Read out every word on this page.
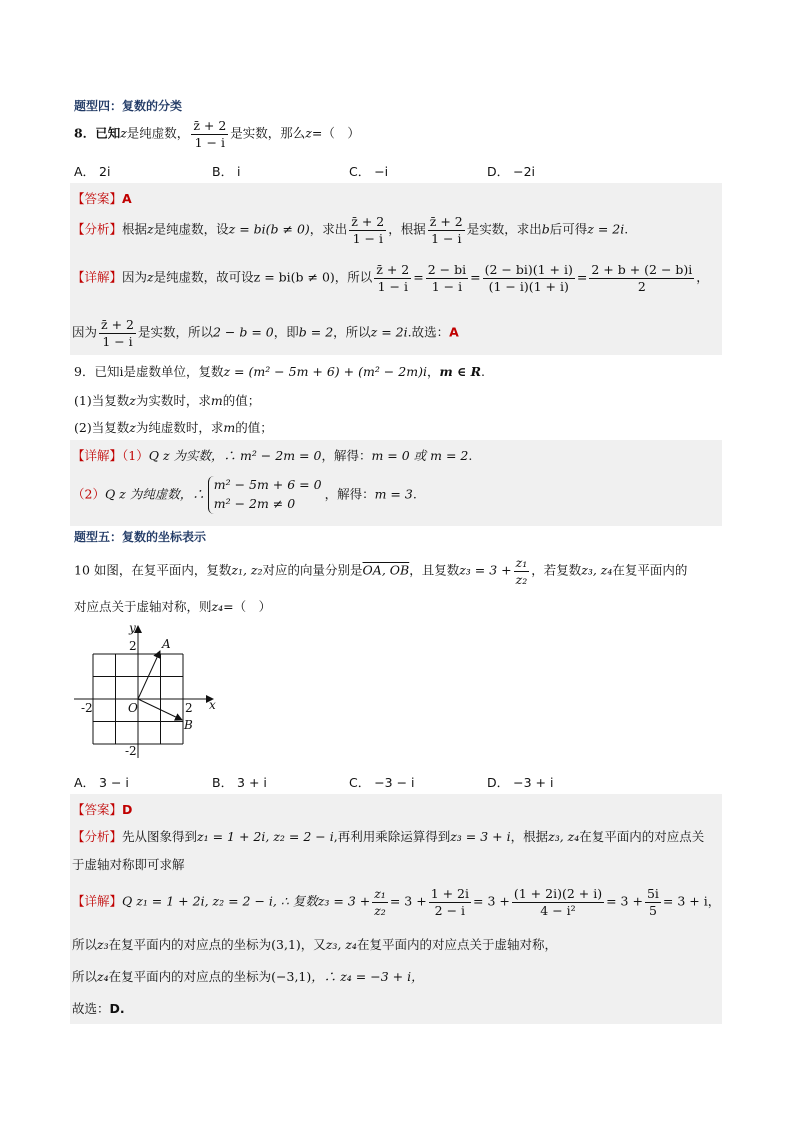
题型四：复数的分类
8．已知z是纯虚数， $\frac{z̄ + 2}{1 - i}$ 是实数，那么z=（　）
A． 2i	B． i	C． −i	D． −2i
【答案】A
【分析】根据z是纯虚数，设z = bi(b ≠ 0)，求出 $\frac{z̄ + 2}{1 - i}$ ，根据 $\frac{z̄ + 2}{1 - i}$ 是实数，求出b后可得z = 2i.
【详解】因为z是纯虚数，故可设z = bi(b ≠ 0)，所以 $\frac{z̄ + 2}{1 - i} = \frac{2 - bi}{1 - i} = \frac{(2 - bi)(1 + i)}{(1 - i)(1 + i)} = \frac{2 + b + (2 - b)i}{2}$ ，
因为 $\frac{z̄ + 2}{1 - i}$ 是实数，所以2 − b = 0，即b = 2，所以z = 2i.故选：A
9．已知i是虚数单位，复数z = (m² − 5m + 6) + (m² − 2m)i，m ∈ R.
(1)当复数z为实数时，求m的值；
(2)当复数z为纯虚数时，求m的值；
【详解】（1）Q z 为实数，∴ m² − 2m = 0，解得：m = 0 或 m = 2.
（2）Q z 为纯虚数，∴
m² − 5m + 6 = 0
m² − 2m ≠ 0
，解得：m = 3.
题型五：复数的坐标表示
10 如图，在复平面内，复数z₁, z₂对应的向量分别是OA, OB，且复数$z_3 = 3 + \frac{\text{z₁}}{\text{z₂}}$ ，若复数z₃, z₄在复平面内的
对应点关于虚轴对称，则z₄=（　）
y
x
2
-2
-2	2
O
A
B
A． 3 − i	B． 3 + i	C． −3 − i	D． −3 + i
【答案】D
【分析】先从图象得到z₁ = 1 + 2i, z₂ = 2 − i,再利用乘除运算得到z₃ = 3 + i，根据z₃, z₄在复平面内的对应点关
于虚轴对称即可求解
【详解】Q z₁ = 1 + 2i, z₂ = 2 − i, ∴ 复数$z_3 = 3 + \frac{\text{z₁}}{\text{z₂}} = 3 + \frac{1 + 2i}{2 - i} = 3 + \frac{(1 + 2i)(2 + i)}{\text{4 − i²}} = 3 + \frac{5i}{5} = 3 + i$，
所以z₃在复平面内的对应点的坐标为(3,1)，又z₃, z₄在复平面内的对应点关于虚轴对称，
所以z₄在复平面内的对应点的坐标为(−3,1)，∴ z₄ = −3 + i，
故选：D.
